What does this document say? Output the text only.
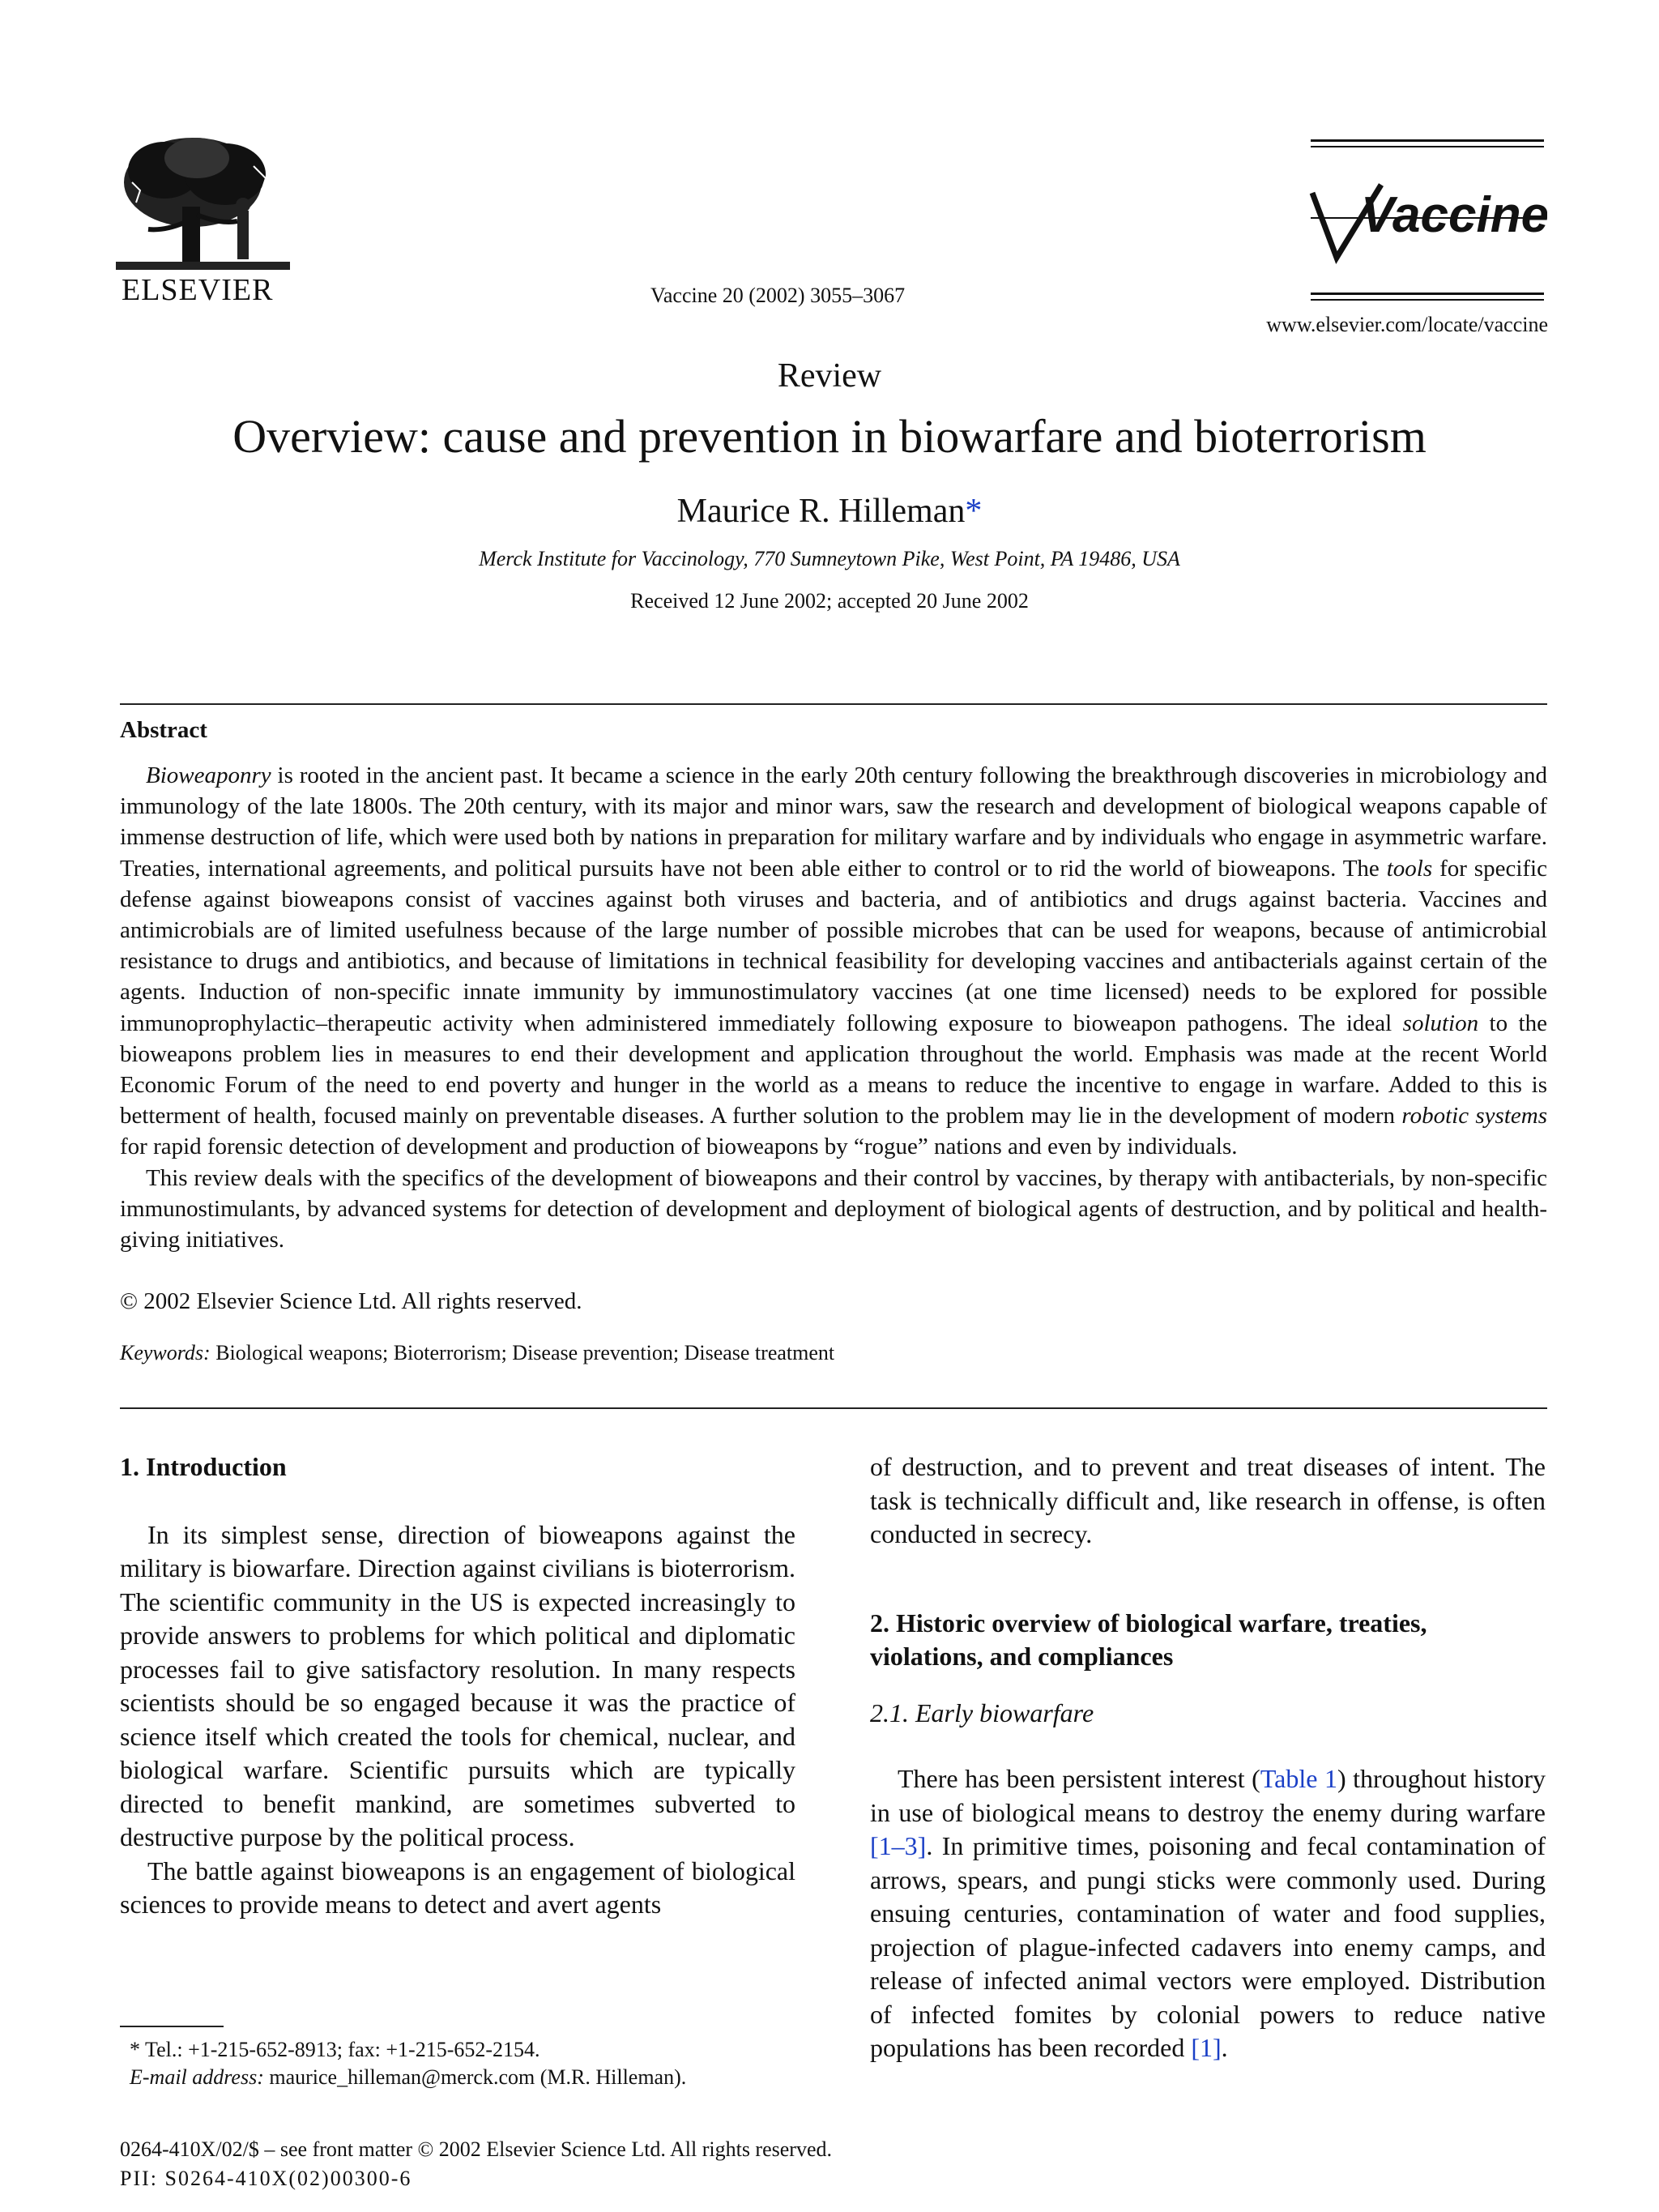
ELSEVIER	Vaccine 20 (2002) 3055–3067
Vaccine
www.elsevier.com/locate/vaccine
Review
Overview: cause and prevention in biowarfare and bioterrorism
Maurice R. Hilleman*
Merck Institute for Vaccinology, 770 Sumneytown Pike, West Point, PA 19486, USA
Received 12 June 2002; accepted 20 June 2002
Abstract

Bioweaponry is rooted in the ancient past. It became a science in the early 20th century following the breakthrough discoveries in microbiology and immunology of the late 1800s. The 20th century, with its major and minor wars, saw the research and development of biological weapons capable of immense destruction of life, which were used both by nations in preparation for military warfare and by individuals who engage in asymmetric warfare. Treaties, international agreements, and political pursuits have not been able either to control or to rid the world of bioweapons. The tools for specific defense against bioweapons consist of vaccines against both viruses and bacteria, and of antibiotics and drugs against bacteria. Vaccines and antimicrobials are of limited usefulness because of the large number of possible microbes that can be used for weapons, because of antimicrobial resistance to drugs and antibiotics, and because of limitations in technical feasibility for developing vaccines and antibacterials against certain of the agents. Induction of non-specific innate immunity by immunostimulatory vaccines (at one time licensed) needs to be explored for possible immunoprophylactic–therapeutic activity when administered immediately following exposure to bioweapon pathogens. The ideal solution to the bioweapons problem lies in measures to end their development and application throughout the world. Emphasis was made at the recent World Economic Forum of the need to end poverty and hunger in the world as a means to reduce the incentive to engage in warfare. Added to this is betterment of health, focused mainly on preventable diseases. A further solution to the problem may lie in the development of modern robotic systems for rapid forensic detection of development and production of bioweapons by “rogue” nations and even by individuals.

This review deals with the specifics of the development of bioweapons and their control by vaccines, by therapy with antibacterials, by non-specific immunostimulants, by advanced systems for detection of development and deployment of biological agents of destruction, and by political and health-giving initiatives.

© 2002 Elsevier Science Ltd. All rights reserved.
Keywords: Biological weapons; Bioterrorism; Disease prevention; Disease treatment
1. Introduction

In its simplest sense, direction of bioweapons against the military is biowarfare. Direction against civilians is bioterrorism. The scientific community in the US is expected increasingly to provide answers to problems for which political and diplomatic processes fail to give satisfactory resolution. In many respects scientists should be so engaged because it was the practice of science itself which created the tools for chemical, nuclear, and biological warfare. Scientific pursuits which are typically directed to benefit mankind, are sometimes subverted to destructive purpose by the political process.

The battle against bioweapons is an engagement of biological sciences to provide means to detect and avert agents

of destruction, and to prevent and treat diseases of intent. The task is technically difficult and, like research in offense, is often conducted in secrecy.

2. Historic overview of biological warfare, treaties, violations, and compliances
2.1. Early biowarfare

There has been persistent interest (Table 1) throughout history in use of biological means to destroy the enemy during warfare [1–3]. In primitive times, poisoning and fecal contamination of arrows, spears, and pungi sticks were commonly used. During ensuing centuries, contamination of water and food supplies, projection of plague-infected cadavers into enemy camps, and release of infected animal vectors were employed. Distribution of infected fomites by colonial powers to reduce native populations has been recorded [1].

* Tel.: +1-215-652-8913; fax: +1-215-652-2154.
E-mail address: maurice_hilleman@merck.com (M.R. Hilleman).
0264-410X/02/$ – see front matter © 2002 Elsevier Science Ltd. All rights reserved.
PII: S0264-410X(02)00300-6
